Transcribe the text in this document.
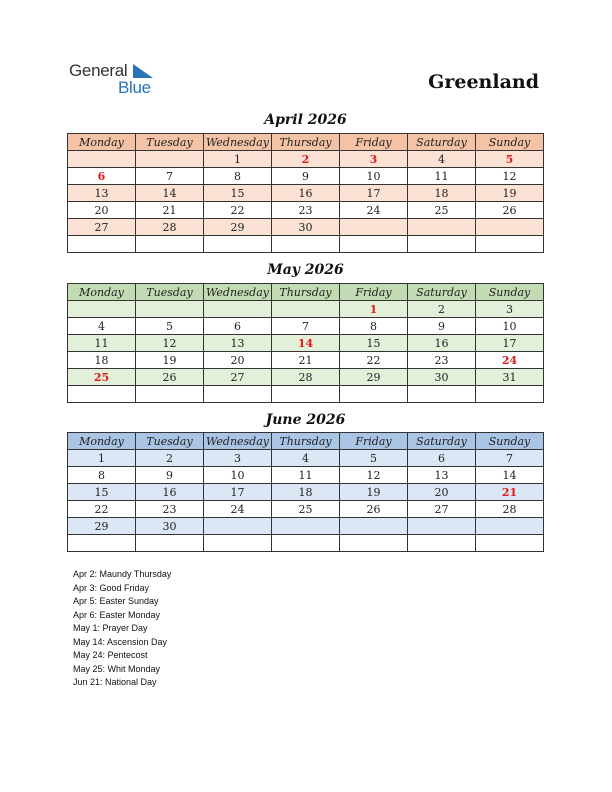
General
Blue	Greenland
April 2026
Monday	Tuesday	Wednesday	Thursday	Friday	Saturday	Sunday
		1	2	3	4	5
6	7	8	9	10	11	12
13	14	15	16	17	18	19
20	21	22	23	24	25	26
27	28	29	30			

May 2026
Monday	Tuesday	Wednesday	Thursday	Friday	Saturday	Sunday
				1	2	3
4	5	6	7	8	9	10
11	12	13	14	15	16	17
18	19	20	21	22	23	24
25	26	27	28	29	30	31

June 2026
Monday	Tuesday	Wednesday	Thursday	Friday	Saturday	Sunday
1	2	3	4	5	6	7
8	9	10	11	12	13	14
15	16	17	18	19	20	21
22	23	24	25	26	27	28
29	30					

Apr 2: Maundy Thursday
Apr 3: Good Friday
Apr 5: Easter Sunday
Apr 6: Easter Monday
May 1: Prayer Day
May 14: Ascension Day
May 24: Pentecost
May 25: Whit Monday
Jun 21: National Day
